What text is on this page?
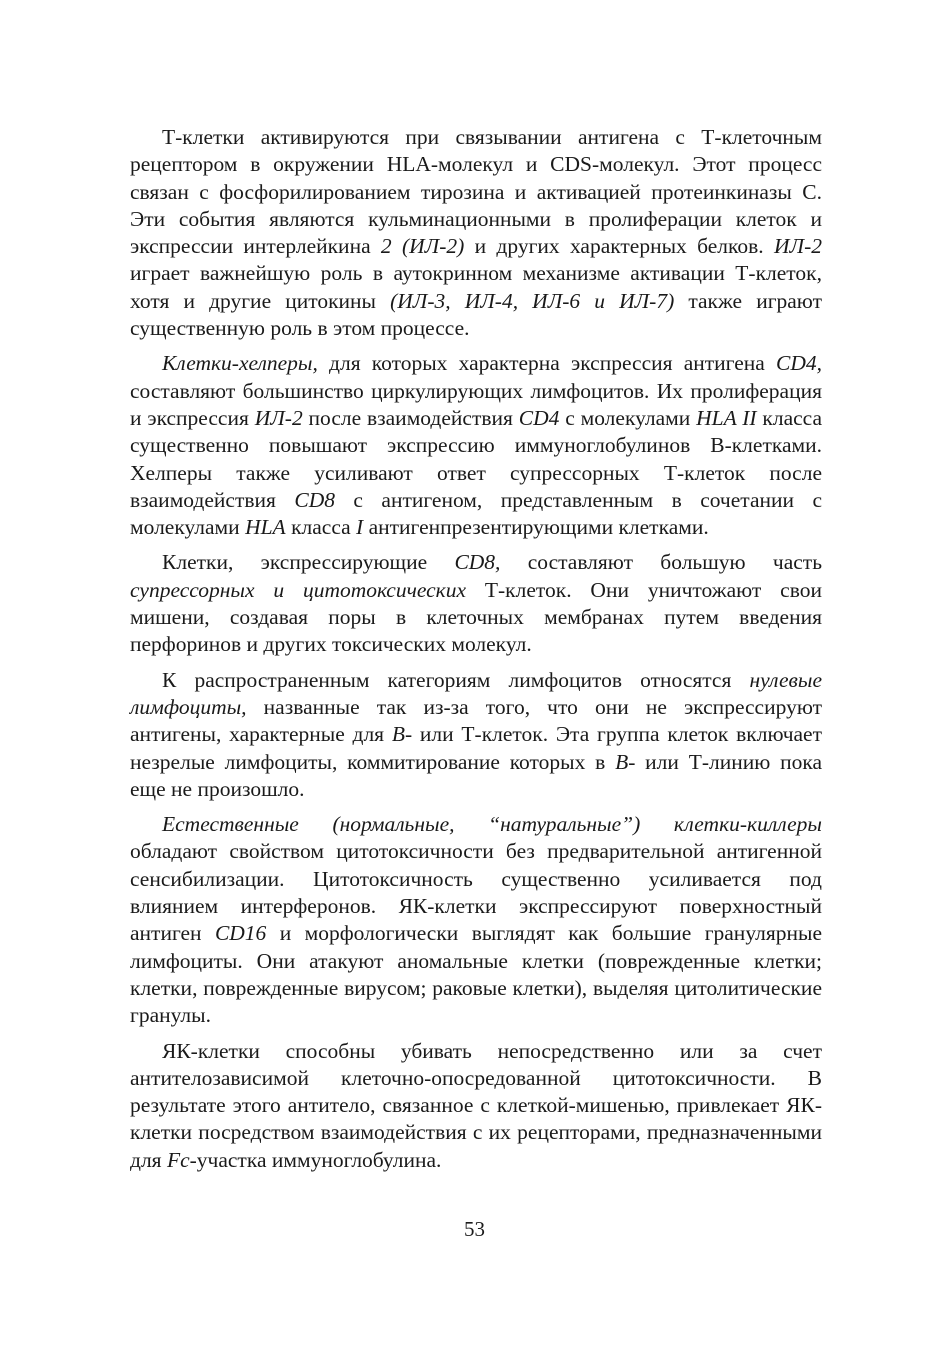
Т-клетки активируются при связывании антигена с Т-клеточным рецептором в окружении HLA-молекул и CDS-молекул. Этот процесс связан с фосфорилированием тирозина и активацией протеинкиназы С. Эти события являются кульминационными в пролиферации клеток и экспрессии интерлейкина 2 (ИЛ-2) и других характерных белков. ИЛ-2 играет важнейшую роль в аутокринном механизме активации Т-клеток, хотя и другие цитокины (ИЛ-3, ИЛ-4, ИЛ-6 и ИЛ-7) также играют существенную роль в этом процессе.

Клетки-хелперы, для которых характерна экспрессия антигена CD4, составляют большинство циркулирующих лимфоцитов. Их пролиферация и экспрессия ИЛ-2 после взаимодействия CD4 с молекулами HLA II класса существенно повышают экспрессию иммуноглобулинов В-клетками. Хелперы также усиливают ответ супрессорных Т-клеток после взаимодействия CD8 с антигеном, представленным в сочетании с молекулами HLA класса I антигенпрезентирующими клетками.

Клетки, экспрессирующие CD8, составляют большую часть супрессорных и цитотоксических Т-клеток. Они уничтожают свои мишени, создавая поры в клеточных мембранах путем введения перфоринов и других токсических молекул.

К распространенным категориям лимфоцитов относятся нулевые лимфоциты, названные так из-за того, что они не экспрессируют антигены, характерные для В- или Т-клеток. Эта группа клеток включает незрелые лимфоциты, коммитирование которых в В- или Т-линию пока еще не произошло.

Естественные (нормальные, “натуральные”) клетки-киллеры обладают свойством цитотоксичности без предварительной антигенной сенсибилизации. Цитотоксичность существенно усиливается под влиянием интерферонов. ЯК-клетки экспрессируют поверхностный антиген CD16 и морфологически выглядят как большие гранулярные лимфоциты. Они атакуют аномальные клетки (поврежденные клетки; клетки, поврежденные вирусом; раковые клетки), выделяя цитолитические гранулы.

ЯК-клетки способны убивать непосредственно или за счет антителозависимой клеточно-опосредованной цитотоксичности. В результате этого антитело, связанное с клеткой-мишенью, привлекает ЯК-клетки посредством взаимодействия с их рецепторами, предназначенными для Fc-участка иммуноглобулина.

53
